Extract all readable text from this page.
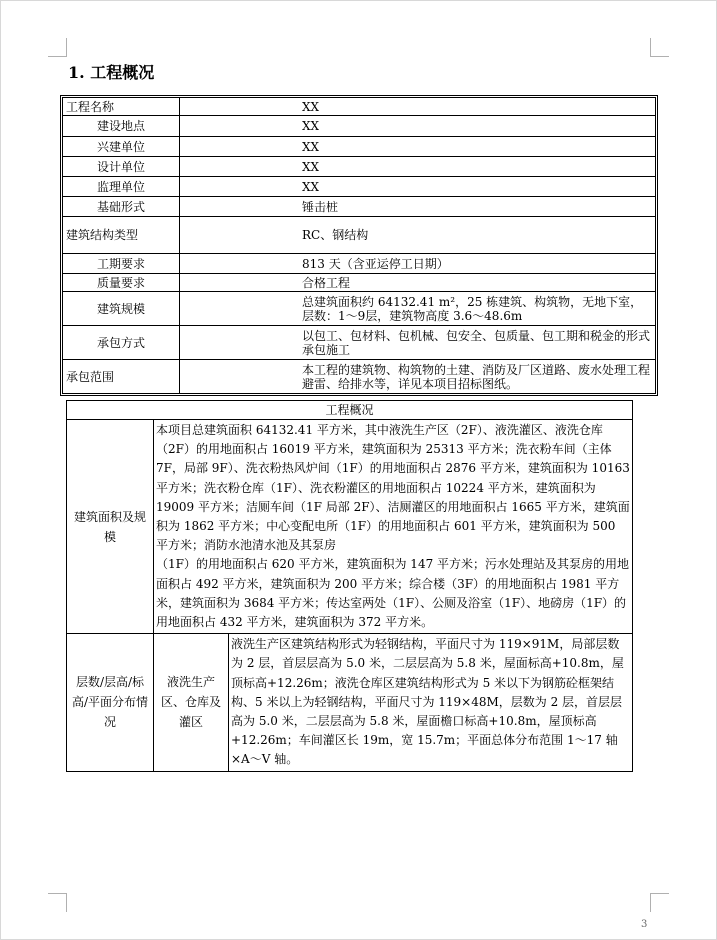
1. 工程概况
工程名称	XX
建设地点	XX
兴建单位	XX
设计单位	XX
监理单位	XX
基础形式	锤击桩
建筑结构类型	RC、钢结构
工期要求	813 天（含亚运停工日期）
质量要求	合格工程
建筑规模	总建筑面积约 64132.41 m²，25 栋建筑、构筑物，无地下室，层数：1～9层，建筑物高度 3.6～48.6m
承包方式	以包工、包材料、包机械、包安全、包质量、包工期和税金的形式承包施工
承包范围	本工程的建筑物、构筑物的土建、消防及厂区道路、废水处理工程避雷、给排水等，详见本项目招标图纸。
工程概况		
建筑面积及规模	本项目总建筑面积 64132.41 平方米，其中液洗生产区（2F）、液洗灌区、液洗仓库（2F）的用地面积占 16019 平方米，建筑面积为 25313 平方米；洗衣粉车间（主体 7F，局部 9F）、洗衣粉热风炉间（1F）的用地面积占 2876 平方米，建筑面积为 10163 平方米；洗衣粉仓库（1F）、洗衣粉灌区的用地面积占 10224 平方米，建筑面积为 19009 平方米；洁厕车间（1F 局部 2F）、洁厕灌区的用地面积占 1665 平方米，建筑面积为 1862 平方米；中心变配电所（1F）的用地面积占 601 平方米，建筑面积为 500 平方米；消防水池清水池及其泵房
（1F）的用地面积占 620 平方米，建筑面积为 147 平方米；污水处理站及其泵房的用地面积占 492 平方米，建筑面积为 200 平方米；综合楼（3F）的用地面积占 1981 平方米，建筑面积为 3684 平方米；传达室两处（1F）、公厕及浴室（1F）、地磅房（1F）的用地面积占 432 平方米，建筑面积为 372 平方米。	
层数/层高/标高/平面分布情况	液洗生产区、仓库及灌区	液洗生产区建筑结构形式为轻钢结构，平面尺寸为 119×91M，局部层数为 2 层，首层层高为 5.0 米，二层层高为 5.8 米，屋面标高+10.8m，屋顶标高+12.26m；液洗仓库区建筑结构形式为 5 米以下为钢筋砼框架结构、5 米以上为轻钢结构，平面尺寸为 119×48M，层数为 2 层，首层层高为 5.0 米，二层层高为 5.8 米，屋面檐口标高+10.8m，屋顶标高+12.26m；车间灌区长 19m，宽 15.7m；平面总体分布范围 1～17 轴×A～V 轴。
3
